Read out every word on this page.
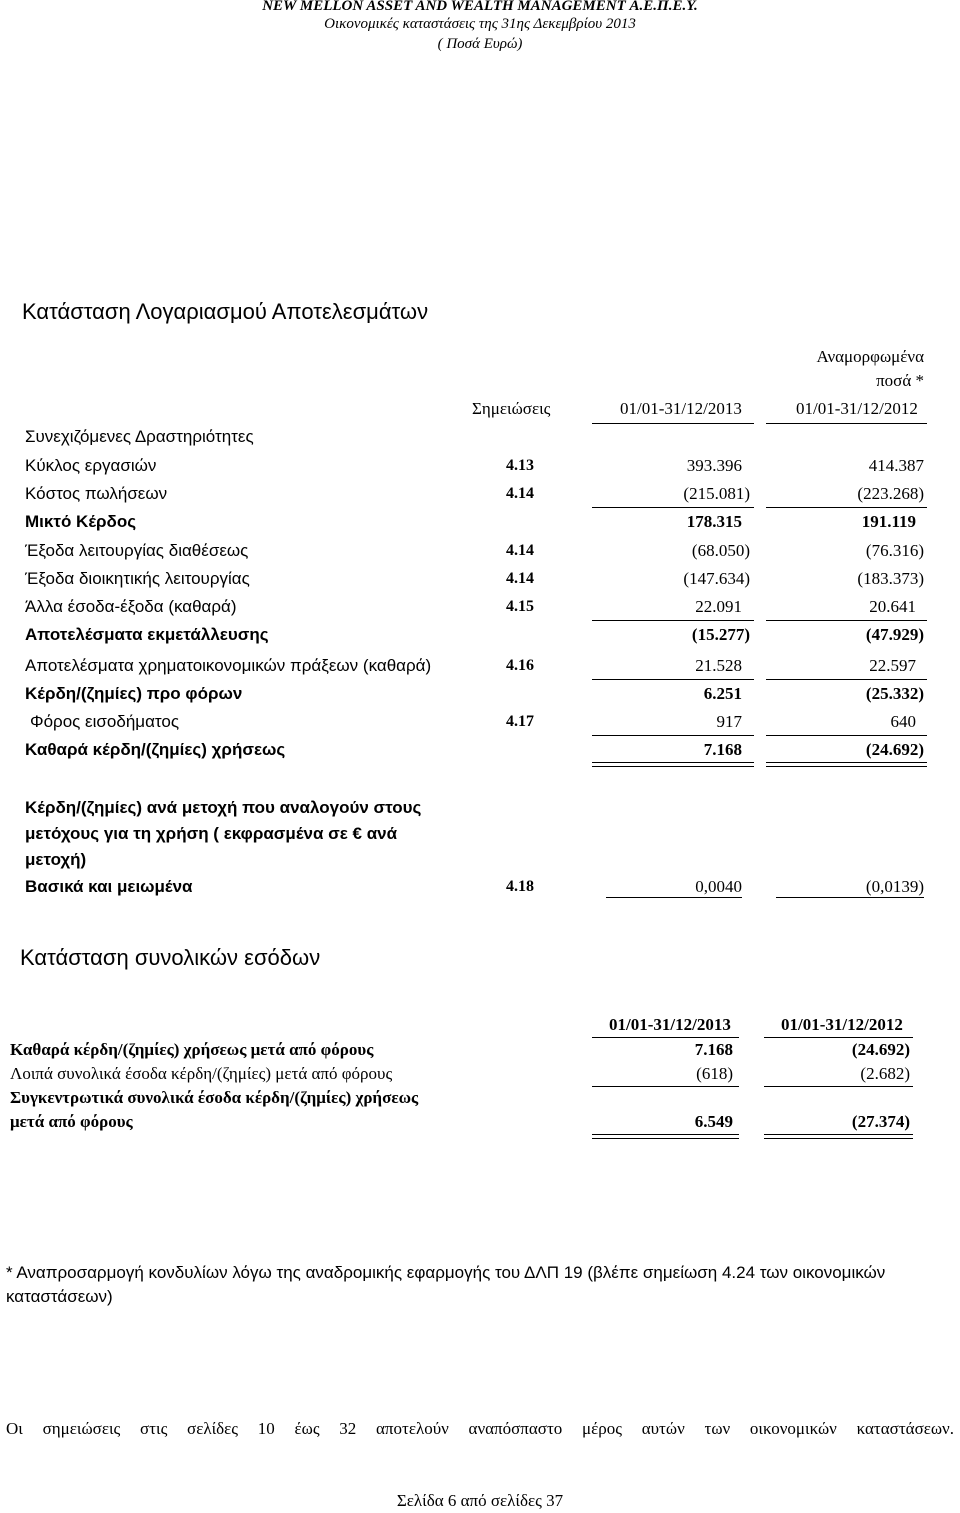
NEW MELLON ASSET AND WEALTH MANAGEMENT Α.Ε.Π.Ε.Υ.
Οικονομικές καταστάσεις της 31ης Δεκεμβρίου 2013
( Ποσά Ευρώ)
Κατάσταση Λογαριασμού Αποτελεσμάτων
Αναμορφωμένα
ποσά *
Σημειώσεις	01/01-31/12/2013	01/01-31/12/2012
Συνεχιζόμενες Δραστηριότητες
Κύκλος εργασιών	4.13	393.396	414.387
Κόστος πωλήσεων	4.14	(215.081)	(223.268)
Μικτό Κέρδος	178.315	191.119
Έξοδα λειτουργίας διαθέσεως	4.14	(68.050)	(76.316)
Έξοδα διοικητικής λειτουργίας	4.14	(147.634)	(183.373)
Άλλα έσοδα-έξοδα (καθαρά)	4.15	22.091	20.641
Αποτελέσματα εκμετάλλευσης	(15.277)	(47.929)
Αποτελέσματα χρηματοικονομικών πράξεων (καθαρά)	4.16	21.528	22.597
Κέρδη/(ζημίες) προ φόρων	6.251	(25.332)
Φόρος εισοδήματος	4.17	917	640
Καθαρά κέρδη/(ζημίες) χρήσεως	7.168	(24.692)
Κέρδη/(ζημίες) ανά μετοχή που αναλογούν στους
μετόχους για τη χρήση ( εκφρασμένα σε € ανά
μετοχή)
Βασικά και μειωμένα	4.18	0,0040	(0,0139)
Κατάσταση συνολικών εσόδων
01/01-31/12/2013	01/01-31/12/2012
Καθαρά κέρδη/(ζημίες) χρήσεως μετά από φόρους	7.168	(24.692)
Λοιπά συνολικά έσοδα κέρδη/(ζημίες) μετά από φόρους	(618)	(2.682)
Συγκεντρωτικά συνολικά έσοδα κέρδη/(ζημίες) χρήσεως
μετά από φόρους	6.549	(27.374)
* Αναπροσαρμογή κονδυλίων λόγω της αναδρομικής εφαρμογής του ΔΛΠ 19 (βλέπε σημείωση 4.24 των οικονομικών
καταστάσεων)
Οι σημειώσεις στις σελίδες 10 έως 32 αποτελούν αναπόσπαστο μέρος αυτών των οικονομικών καταστάσεων.
Σελίδα 6 από σελίδες 37
